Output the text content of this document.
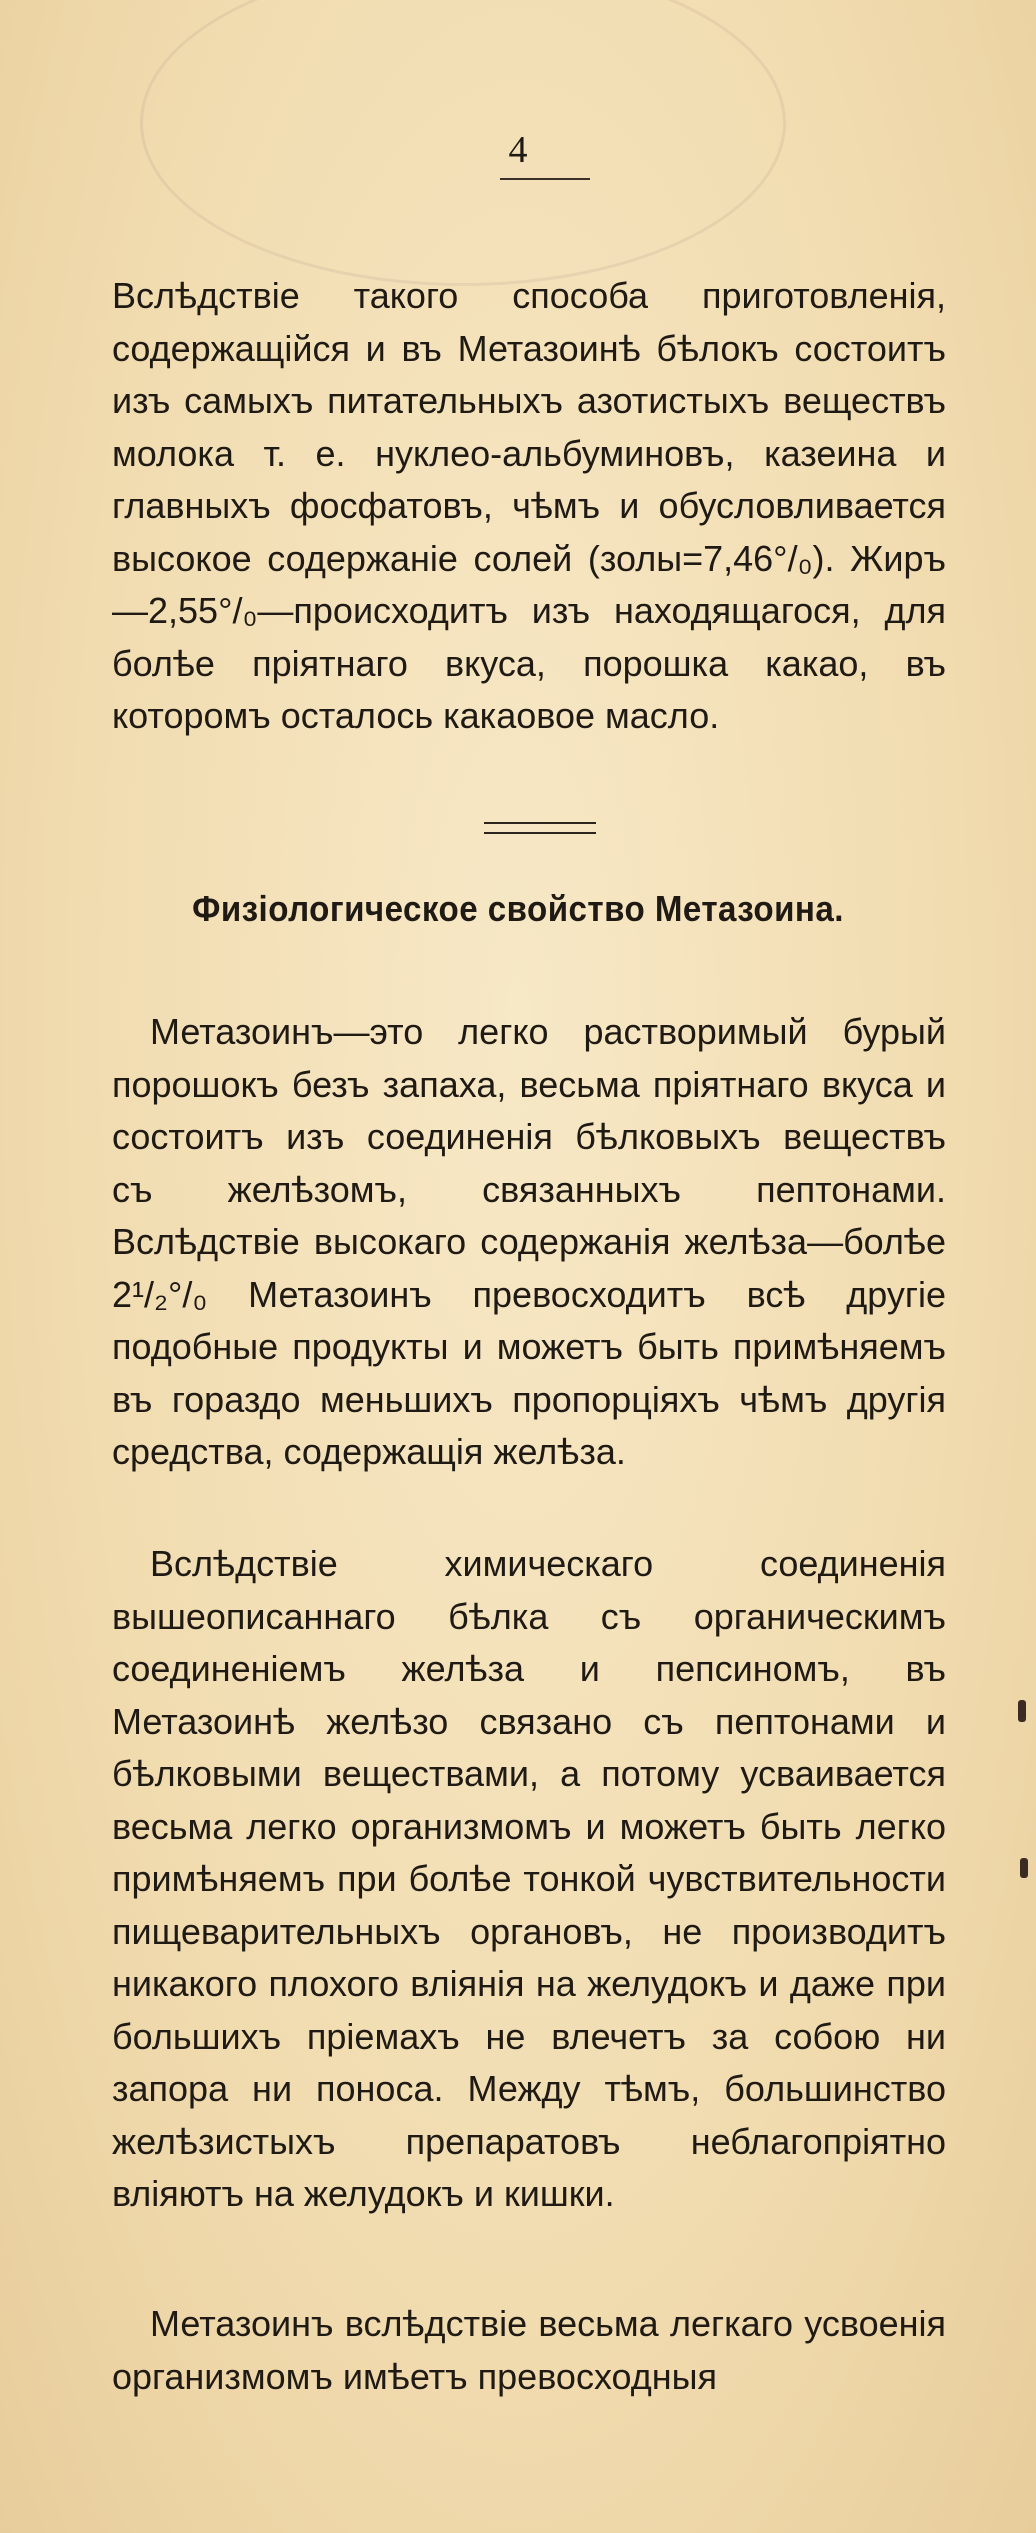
4

Вслѣдствіе такого способа приготовленія, содержащійся и въ Метазоинѣ бѣлокъ состоитъ изъ самыхъ питательныхъ азотистыхъ веществъ молока т. е. нуклео-альбуминовъ, казеина и главныхъ фосфатовъ, чѣмъ и обусловливается высокое содержаніе солей (золы=7,46°/₀). Жиръ—2,55°/₀—происходитъ изъ находящагося, для болѣе пріятнаго вкуса, порошка какао, въ которомъ осталось какаовое масло.

Физіологическое свойство Метазоина.

Метазоинъ—это легко растворимый бурый порошокъ безъ запаха, весьма пріятнаго вкуса и состоитъ изъ соединенія бѣлковыхъ веществъ съ желѣзомъ, связанныхъ пептонами. Вслѣдствіе высокаго содержанія желѣза—болѣе 2¹/₂°/₀ Метазоинъ превосходитъ всѣ другіе подобные продукты и можетъ быть примѣняемъ въ гораздо меньшихъ пропорціяхъ чѣмъ другія средства, содержащія желѣза.

Вслѣдствіе химическаго соединенія вышеописаннаго бѣлка съ органическимъ соединеніемъ желѣза и пепсиномъ, въ Метазоинѣ желѣзо связано съ пептонами и бѣлковыми веществами, а потому усваивается весьма легко организмомъ и можетъ быть легко примѣняемъ при болѣе тонкой чувствительности пищеварительныхъ органовъ, не производитъ никакого плохого вліянія на желудокъ и даже при большихъ пріемахъ не влечетъ за собою ни запора ни поноса. Между тѣмъ, большинство желѣзистыхъ препаратовъ неблагопріятно вліяютъ на желудокъ и кишки.

Метазоинъ вслѣдствіе весьма легкаго усвоенія организмомъ имѣетъ превосходныя
